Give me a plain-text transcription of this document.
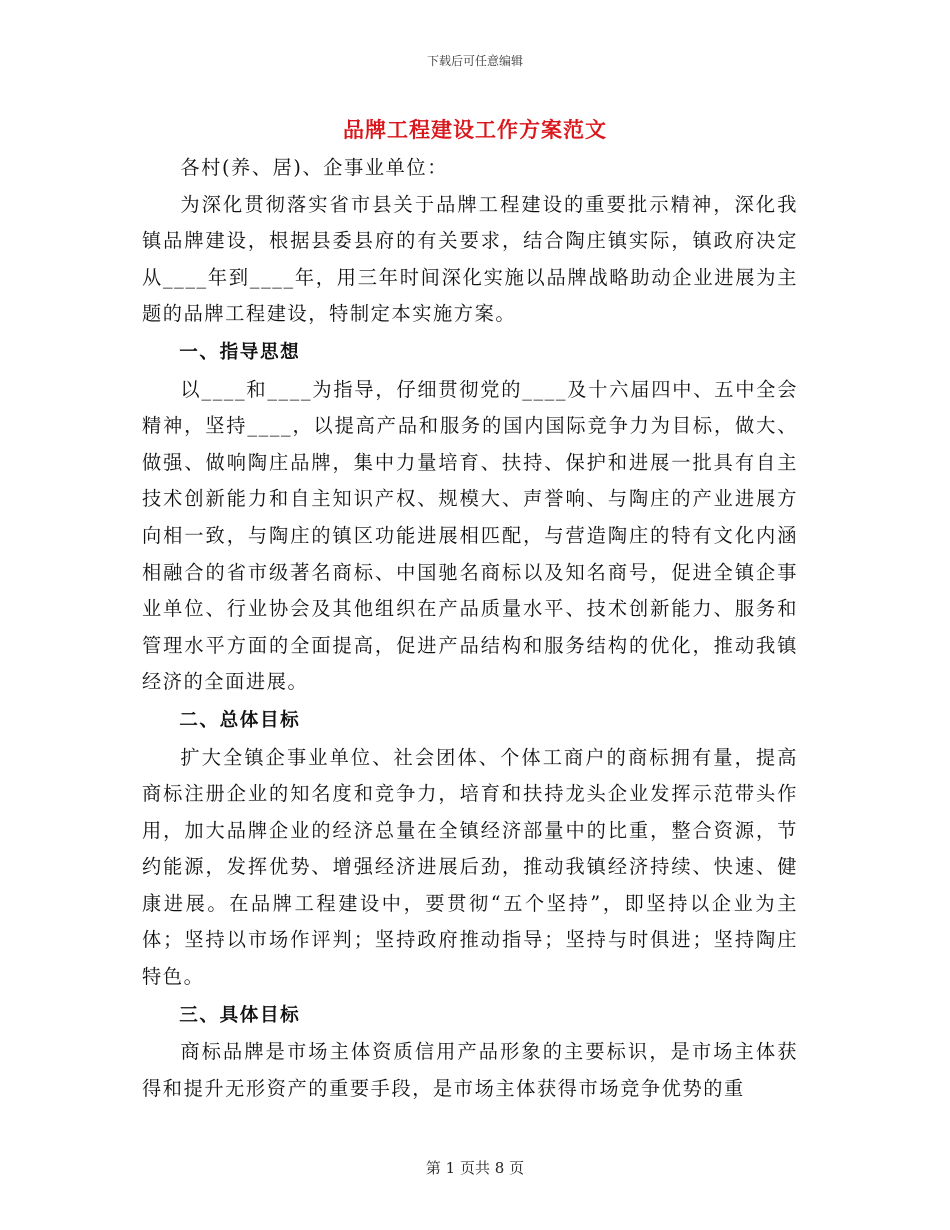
下载后可任意编辑
品牌工程建设工作方案范文

各村(养、居)、企事业单位：

为深化贯彻落实省市县关于品牌工程建设的重要批示精神，深化我镇品牌建设，根据县委县府的有关要求，结合陶庄镇实际，镇政府决定从____年到____年，用三年时间深化实施以品牌战略助动企业进展为主题的品牌工程建设，特制定本实施方案。

一、指导思想

以____和____为指导，仔细贯彻党的____及十六届四中、五中全会精神，坚持____，以提高产品和服务的国内国际竞争力为目标，做大、做强、做响陶庄品牌，集中力量培育、扶持、保护和进展一批具有自主技术创新能力和自主知识产权、规模大、声誉响、与陶庄的产业进展方向相一致，与陶庄的镇区功能进展相匹配，与营造陶庄的特有文化内涵相融合的省市级著名商标、中国驰名商标以及知名商号，促进全镇企事业单位、行业协会及其他组织在产品质量水平、技术创新能力、服务和管理水平方面的全面提高，促进产品结构和服务结构的优化，推动我镇经济的全面进展。

二、总体目标

扩大全镇企事业单位、社会团体、个体工商户的商标拥有量，提高商标注册企业的知名度和竞争力，培育和扶持龙头企业发挥示范带头作用，加大品牌企业的经济总量在全镇经济部量中的比重，整合资源，节约能源，发挥优势、增强经济进展后劲，推动我镇经济持续、快速、健康进展。在品牌工程建设中，要贯彻“五个坚持”，即坚持以企业为主体；坚持以市场作评判；坚持政府推动指导；坚持与时俱进；坚持陶庄特色。

三、具体目标

商标品牌是市场主体资质信用产品形象的主要标识，是市场主体获得和提升无形资产的重要手段，是市场主体获得市场竞争优势的重

第 1 页共 8 页
